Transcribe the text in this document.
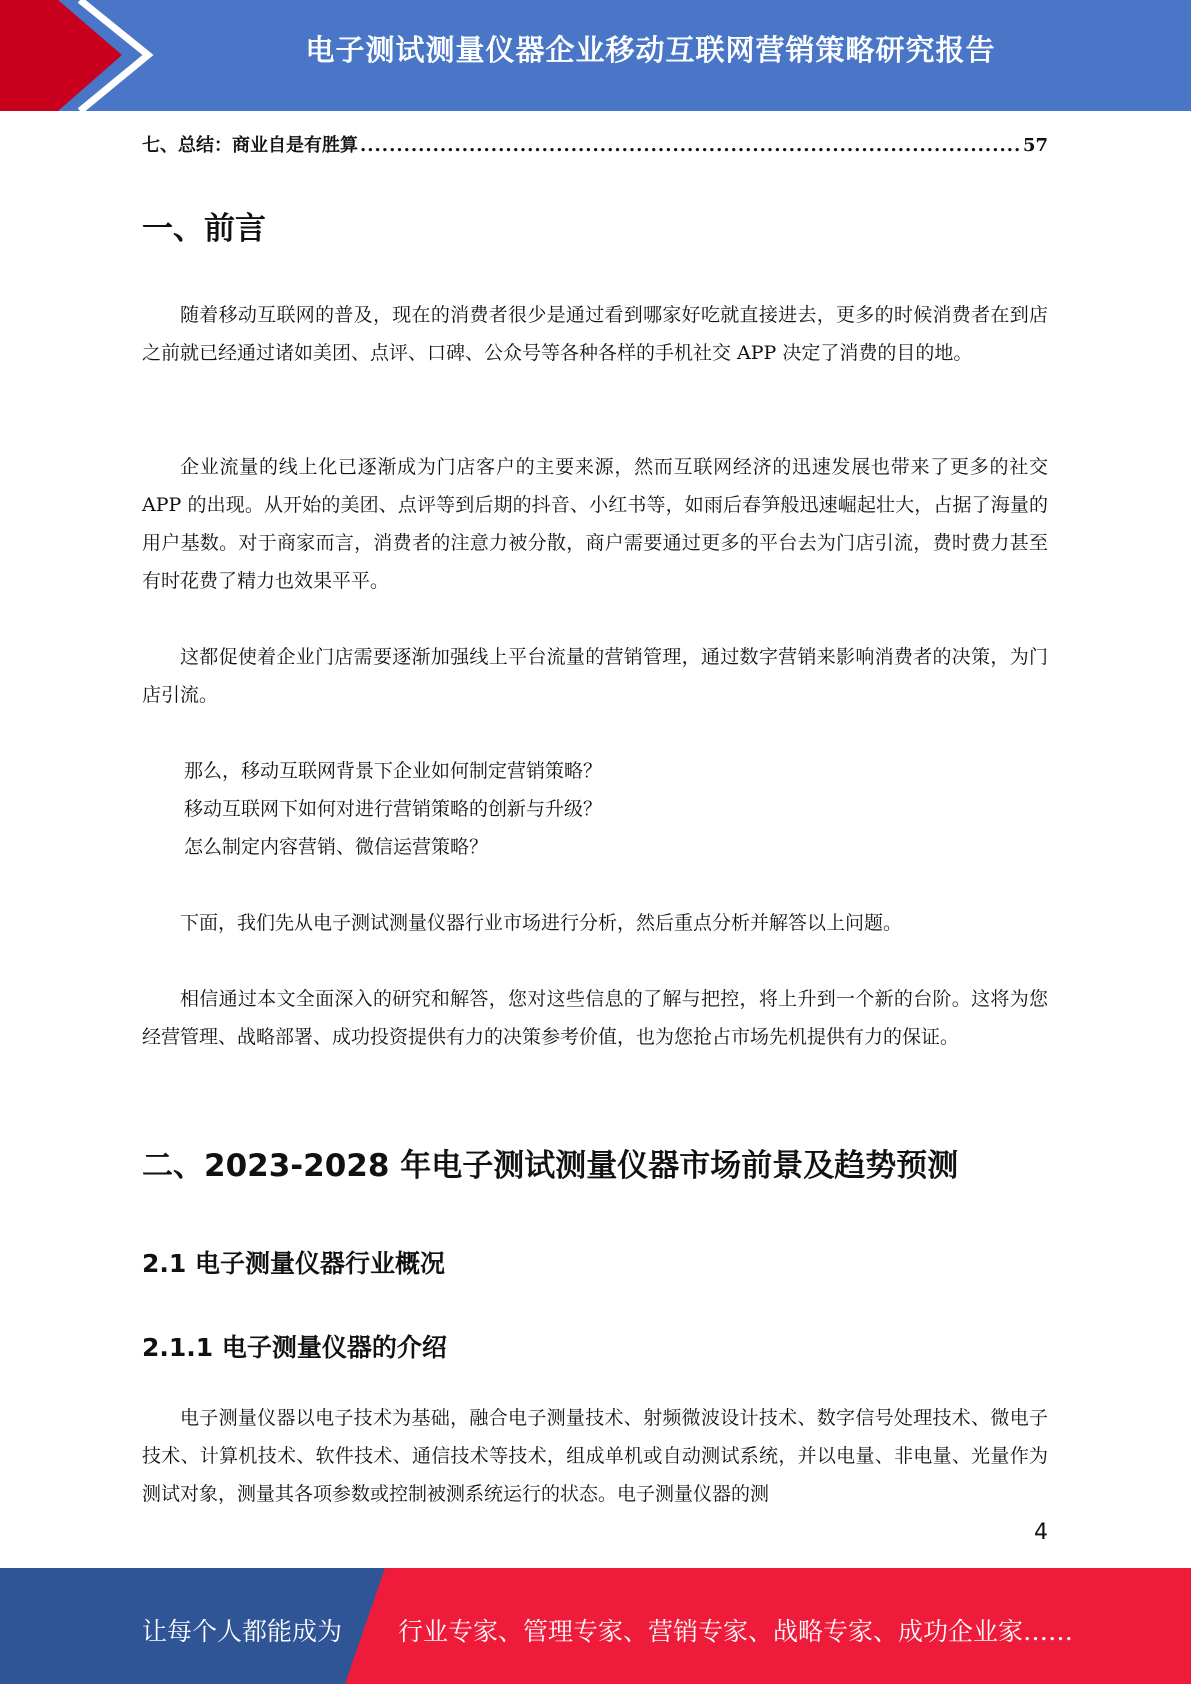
电子测试测量仪器企业移动互联网营销策略研究报告
七、总结：商业自是有胜算
.....	57
一、前言

随着移动互联网的普及，现在的消费者很少是通过看到哪家好吃就直接进去，更多的时候消费者在到店之前就已经通过诸如美团、点评、口碑、公众号等各种各样的手机社交 APP 决定了消费的目的地。

企业流量的线上化已逐渐成为门店客户的主要来源，然而互联网经济的迅速发展也带来了更多的社交 APP 的出现。从开始的美团、点评等到后期的抖音、小红书等，如雨后春笋般迅速崛起壮大，占据了海量的用户基数。对于商家而言，消费者的注意力被分散，商户需要通过更多的平台去为门店引流，费时费力甚至有时花费了精力也效果平平。

这都促使着企业门店需要逐渐加强线上平台流量的营销管理，通过数字营销来影响消费者的决策，为门店引流。

那么，移动互联网背景下企业如何制定营销策略？
移动互联网下如何对进行营销策略的创新与升级？
怎么制定内容营销、微信运营策略？

下面，我们先从电子测试测量仪器行业市场进行分析，然后重点分析并解答以上问题。

相信通过本文全面深入的研究和解答，您对这些信息的了解与把控，将上升到一个新的台阶。这将为您经营管理、战略部署、成功投资提供有力的决策参考价值，也为您抢占市场先机提供有力的保证。

二、2023-2028 年电子测试测量仪器市场前景及趋势预测
2.1 电子测量仪器行业概况
2.1.1 电子测量仪器的介绍

电子测量仪器以电子技术为基础，融合电子测量技术、射频微波设计技术、数字信号处理技术、微电子技术、计算机技术、软件技术、通信技术等技术，组成单机或自动测试系统，并以电量、非电量、光量作为测试对象，测量其各项参数或控制被测系统运行的状态。电子测量仪器的测

4
让每个人都能成为 行业专家、管理专家、营销专家、战略专家、成功企业家……
